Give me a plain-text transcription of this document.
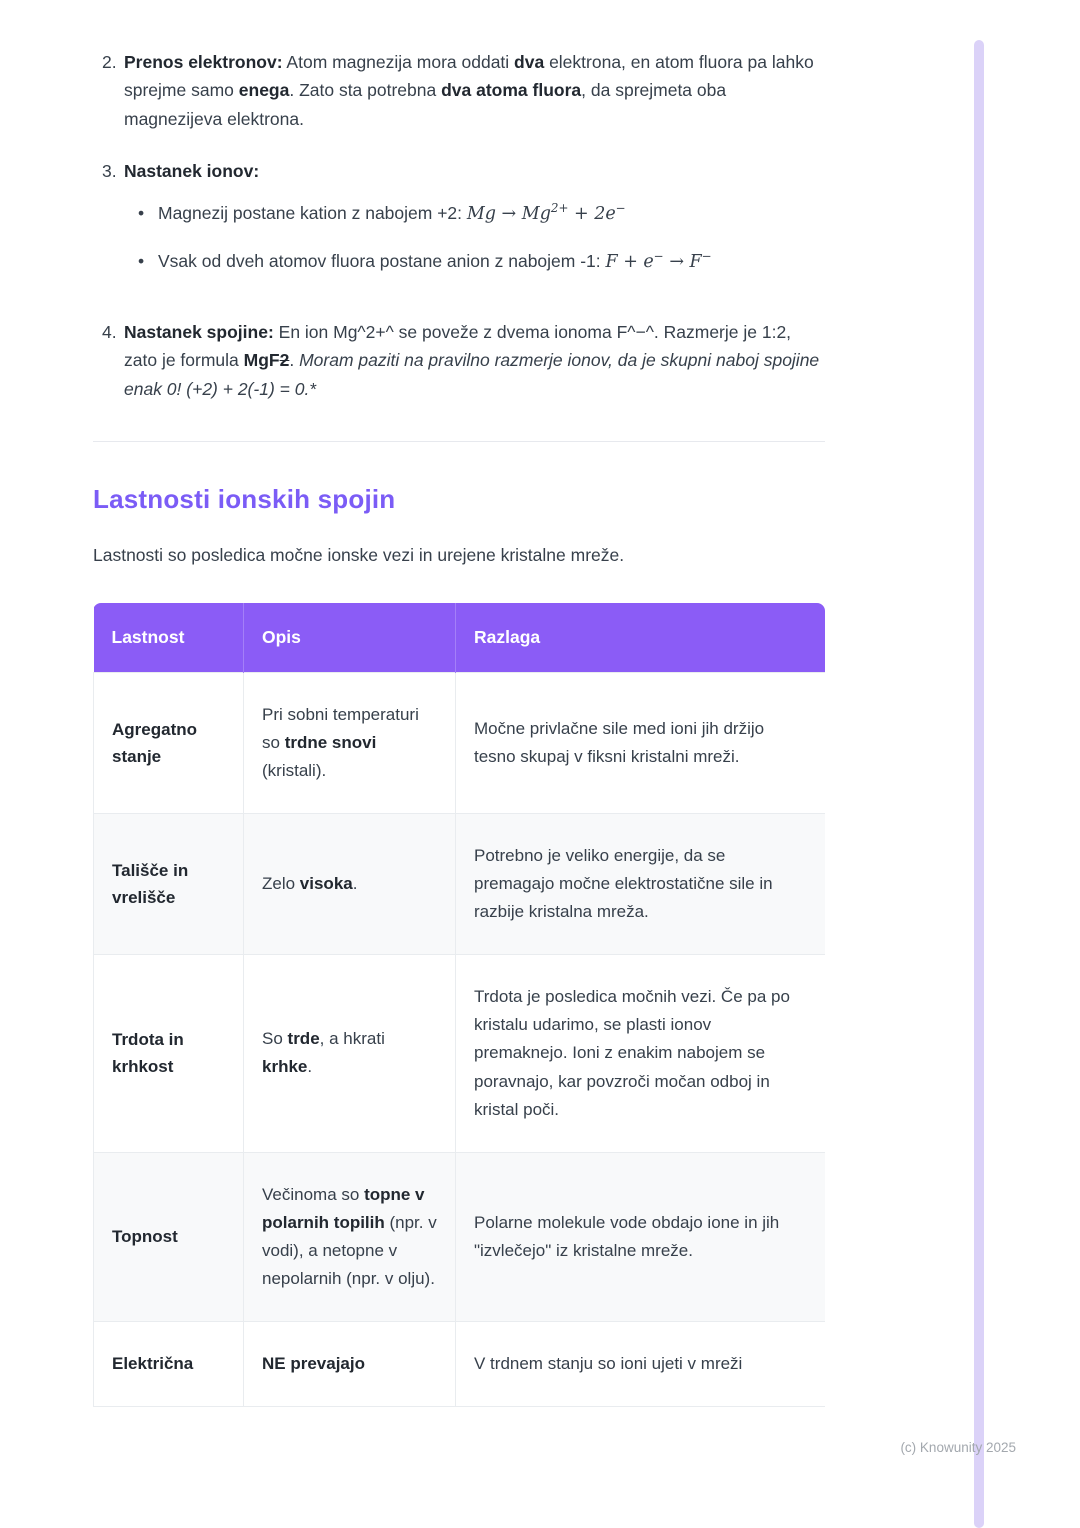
2. Prenos elektronov: Atom magnezija mora oddati dva elektrona, en atom fluora pa lahko sprejme samo enega. Zato sta potrebna dva atoma fluora, da sprejmeta oba magnezijeva elektrona.
3. Nastanek ionov:
• Magnezij postane kation z nabojem +2: $Mg \to Mg^{2+} + 2e^-$
• Vsak od dveh atomov fluora postane anion z nabojem -1: F + e− → F−
4. Nastanek spojine: En ion Mg^2+^ se poveže z dvema ionoma F^−^. Razmerje je 1:2, zato je formula MgF2. Moram paziti na pravilno razmerje ionov, da je skupni naboj spojine enak 0! (+2) + 2(-1) = 0.*
Lastnosti ionskih spojin

Lastnosti so posledica močne ionske vezi in urejene kristalne mreže.

Lastnost	Opis	Razlaga
Agregatno stanje	Pri sobni temperaturi so trdne snovi (kristali).	Močne privlačne sile med ioni jih držijo tesno skupaj v fiksni kristalni mreži.
Tališče in vrelišče	Zelo visoka.	Potrebno je veliko energije, da se premagajo močne elektrostatične sile in razbije kristalna mreža.
Trdota in krhkost	So trde, a hkrati krhke.	Trdota je posledica močnih vezi. Če pa po kristalu udarimo, se plasti ionov premaknejo. Ioni z enakim nabojem se poravnajo, kar povzroči močan odboj in kristal poči.
Topnost	Večinoma so topne v polarnih topilih (npr. v vodi), a netopne v nepolarnih (npr. v olju).	Polarne molekule vode obdajo ione in jih "izvlečejo" iz kristalne mreže.
Električna	NE prevajajo	V trdnem stanju so ioni ujeti v mreži
(c) Knowunity 2025
